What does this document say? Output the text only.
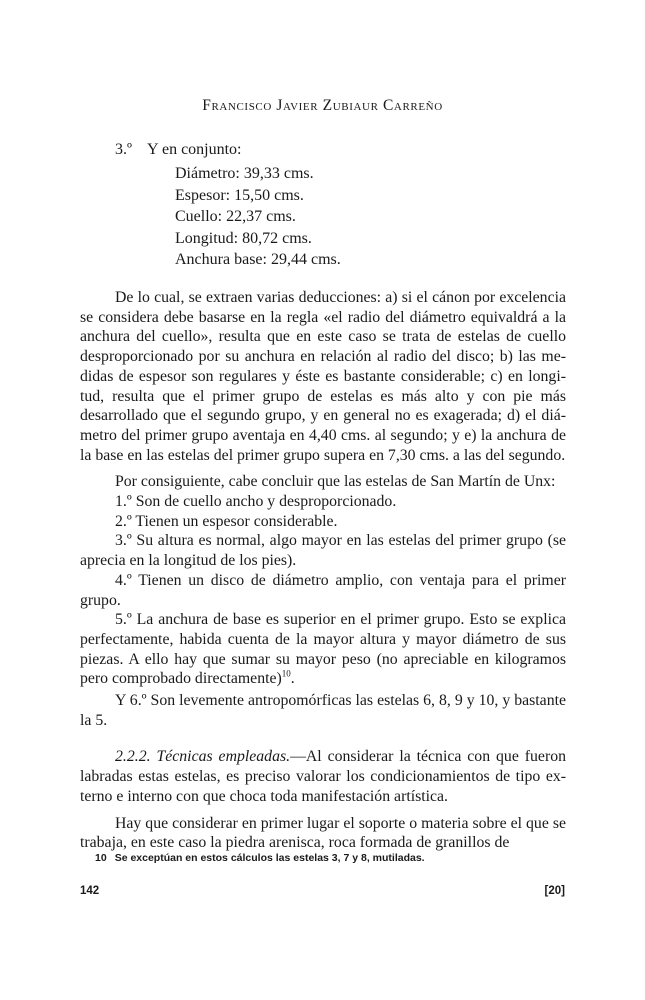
Francisco Javier Zubiaur Carreño
3.º Y en conjunto:
Diámetro: 39,33 cms.
Espesor: 15,50 cms.
Cuello: 22,37 cms.
Longitud: 80,72 cms.
Anchura base: 29,44 cms.

De lo cual, se extraen varias deducciones: a) si el cánon por excelencia se considera debe basarse en la regla «el radio del diámetro equivaldrá a la anchura del cuello», resulta que en este caso se trata de estelas de cuello desproporcionado por su anchura en relación al radio del disco; b) las medidas de espesor son regulares y éste es bastante considerable; c) en longitud, resulta que el primer grupo de estelas es más alto y con pie más desarrollado que el segundo grupo, y en general no es exagerada; d) el diámetro del primer grupo aventaja en 4,40 cms. al segundo; y e) la anchura de la base en las estelas del primer grupo supera en 7,30 cms. a las del segundo.

Por consiguiente, cabe concluir que las estelas de San Martín de Unx:

1.º Son de cuello ancho y desproporcionado.

2.º Tienen un espesor considerable.

3.º Su altura es normal, algo mayor en las estelas del primer grupo (se aprecia en la longitud de los pies).

4.º Tienen un disco de diámetro amplio, con ventaja para el primer grupo.

5.º La anchura de base es superior en el primer grupo. Esto se explica perfectamente, habida cuenta de la mayor altura y mayor diámetro de sus piezas. A ello hay que sumar su mayor peso (no apreciable en kilogramos pero comprobado directamente)$^{10}$.

Y 6.º Son levemente antropomórficas las estelas 6, 8, 9 y 10, y bastante la 5.

2.2.2. Técnicas empleadas.—Al considerar la técnica con que fueron labradas estas estelas, es preciso valorar los condicionamientos de tipo externo e interno con que choca toda manifestación artística.

Hay que considerar en primer lugar el soporte o materia sobre el que se trabaja, en este caso la piedra arenisca, roca formada de granillos de

10 Se exceptúan en estos cálculos las estelas 3, 7 y 8, mutiladas.
142	[20]
